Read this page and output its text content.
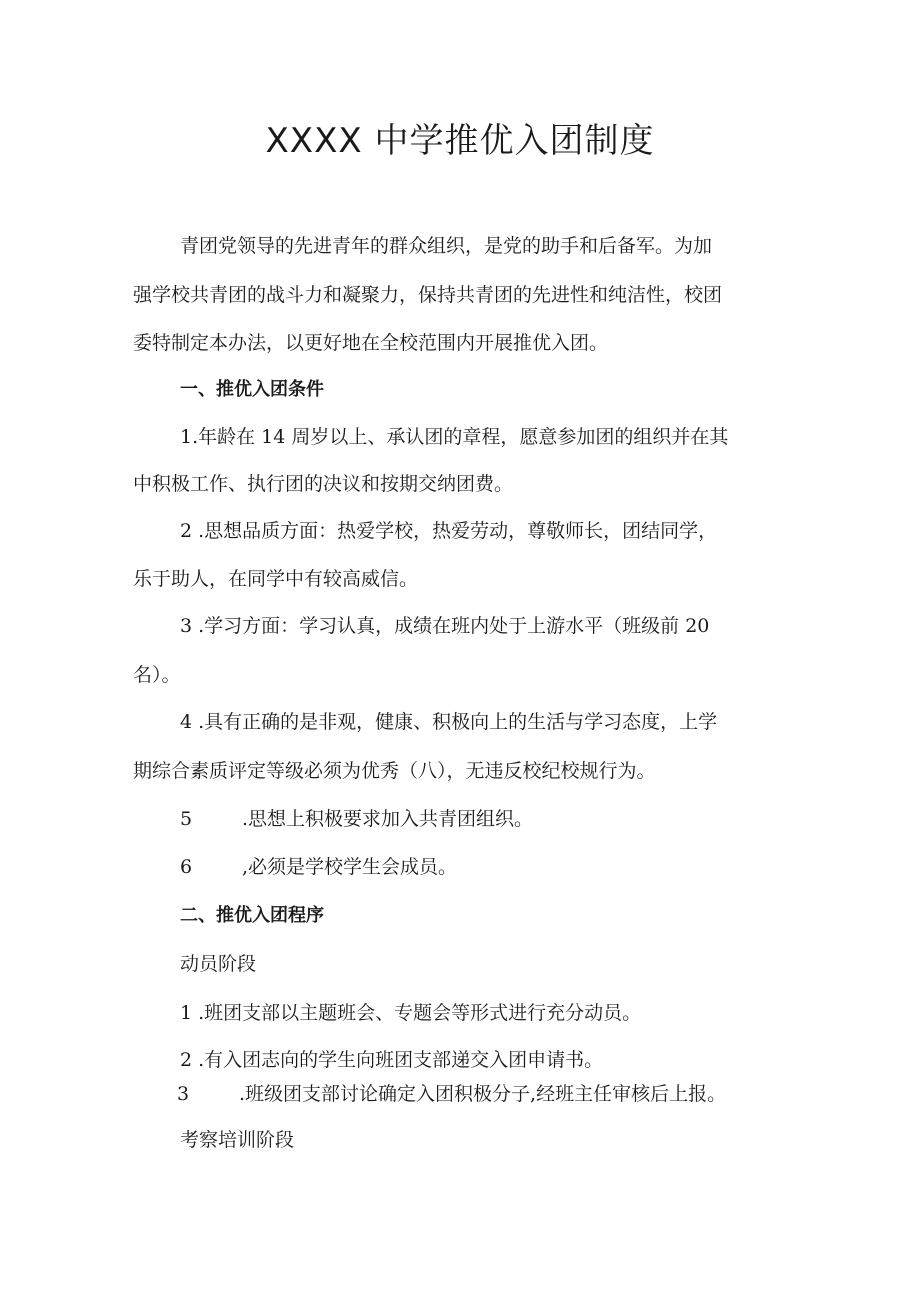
XXXX 中学推优入团制度
青团党领导的先进青年的群众组织，是党的助手和后备军。为加
强学校共青团的战斗力和凝聚力，保持共青团的先进性和纯洁性，校团
委特制定本办法，以更好地在全校范围内开展推优入团。
一、推优入团条件
1.年龄在 14 周岁以上、承认团的章程，愿意参加团的组织并在其
中积极工作、执行团的决议和按期交纳团费。
2 .思想品质方面：热爱学校，热爱劳动，尊敬师长，团结同学，
乐于助人，在同学中有较高威信。
3 .学习方面：学习认真，成绩在班内处于上游水平（班级前 20
名）。
4 .具有正确的是非观，健康、积极向上的生活与学习态度，上学
期综合素质评定等级必须为优秀（八），无违反校纪校规行为。
5	.思想上积极要求加入共青团组织。
6	,必须是学校学生会成员。
二、推优入团程序
动员阶段
1 .班团支部以主题班会、专题会等形式进行充分动员。
2 .有入团志向的学生向班团支部递交入团申请书。
3	.班级团支部讨论确定入团积极分子,经班主任审核后上报。
考察培训阶段
